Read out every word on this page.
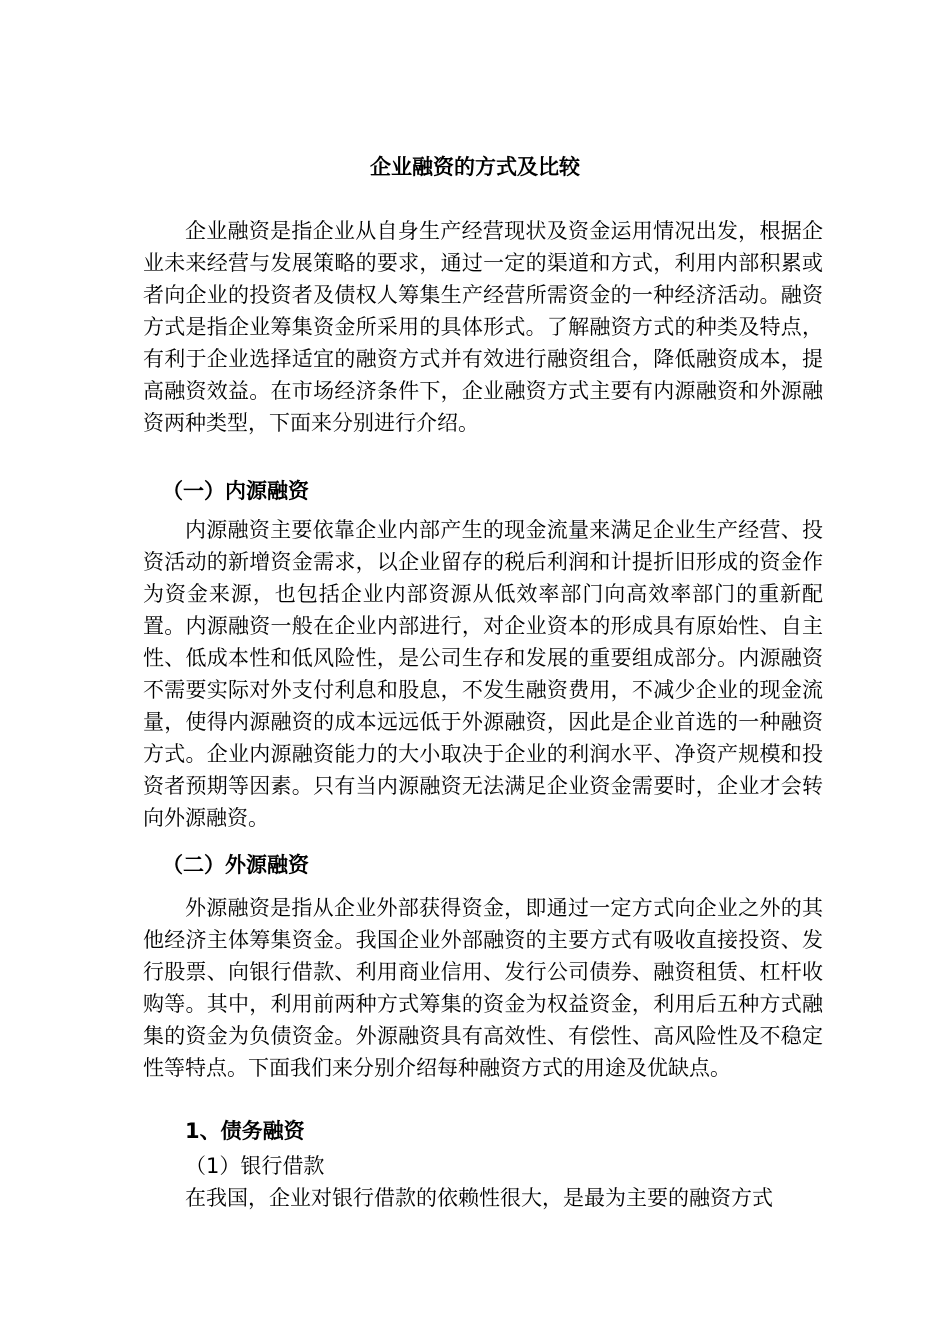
企业融资的方式及比较

企业融资是指企业从自身生产经营现状及资金运用情况出发，根据企业未来经营与发展策略的要求，通过一定的渠道和方式，利用内部积累或者向企业的投资者及债权人筹集生产经营所需资金的一种经济活动。融资方式是指企业筹集资金所采用的具体形式。了解融资方式的种类及特点，有利于企业选择适宜的融资方式并有效进行融资组合，降低融资成本，提高融资效益。在市场经济条件下，企业融资方式主要有内源融资和外源融资两种类型，下面来分别进行介绍。

（一）内源融资

内源融资主要依靠企业内部产生的现金流量来满足企业生产经营、投资活动的新增资金需求，以企业留存的税后利润和计提折旧形成的资金作为资金来源，也包括企业内部资源从低效率部门向高效率部门的重新配置。内源融资一般在企业内部进行，对企业资本的形成具有原始性、自主性、低成本性和低风险性，是公司生存和发展的重要组成部分。内源融资不需要实际对外支付利息和股息，不发生融资费用，不减少企业的现金流量，使得内源融资的成本远远低于外源融资，因此是企业首选的一种融资方式。企业内源融资能力的大小取决于企业的利润水平、净资产规模和投资者预期等因素。只有当内源融资无法满足企业资金需要时，企业才会转向外源融资。

（二）外源融资

外源融资是指从企业外部获得资金，即通过一定方式向企业之外的其他经济主体筹集资金。我国企业外部融资的主要方式有吸收直接投资、发行股票、向银行借款、利用商业信用、发行公司债券、融资租赁、杠杆收购等。其中，利用前两种方式筹集的资金为权益资金，利用后五种方式融集的资金为负债资金。外源融资具有高效性、有偿性、高风险性及不稳定性等特点。下面我们来分别介绍每种融资方式的用途及优缺点。

1、债务融资
（1）银行借款

在我国，企业对银行借款的依赖性很大，是最为主要的融资方式
